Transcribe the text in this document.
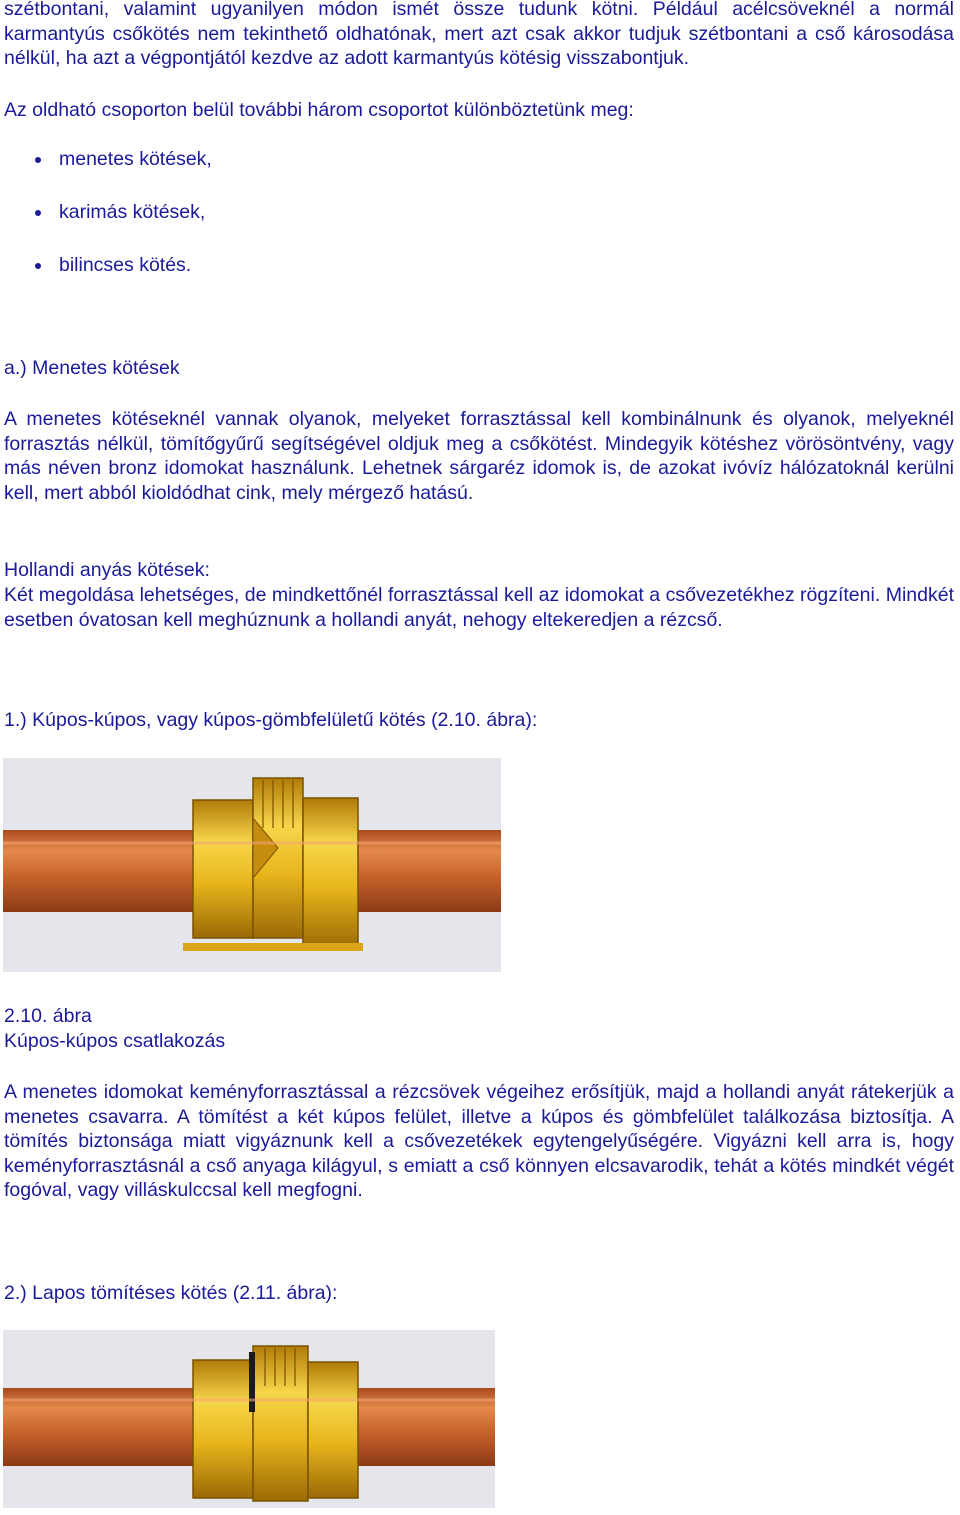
szétbontani, valamint ugyanilyen módon ismét össze tudunk kötni. Például acélcsöveknél a normál karmantyús csőkötés nem tekinthető oldhatónak, mert azt csak akkor tudjuk szétbontani a cső károsodása nélkül, ha azt a végpontjától kezdve az adott karmantyús kötésig visszabontjuk.

Az oldható csoporton belül további három csoportot különböztetünk meg:

menetes kötések,
karimás kötések,
bilincses kötés.

a.) Menetes kötések

A menetes kötéseknél vannak olyanok, melyeket forrasztással kell kombinálnunk és olyanok, melyeknél forrasztás nélkül, tömítőgyűrű segítségével oldjuk meg a csőkötést. Mindegyik kötéshez vörösöntvény, vagy más néven bronz idomokat használunk. Lehetnek sárgaréz idomok is, de azokat ivóvíz hálózatoknál kerülni kell, mert abból kioldódhat cink, mely mérgező hatású.

Hollandi anyás kötések:

Két megoldása lehetséges, de mindkettőnél forrasztással kell az idomokat a csővezetékhez rögzíteni. Mindkét esetben óvatosan kell meghúznunk a hollandi anyát, nehogy eltekeredjen a rézcső.

1.) Kúpos-kúpos, vagy kúpos-gömbfelületű kötés (2.10. ábra):

2.10. ábra

Kúpos-kúpos csatlakozás

A menetes idomokat keményforrasztással a rézcsövek végeihez erősítjük, majd a hollandi anyát rátekerjük a menetes csavarra. A tömítést a két kúpos felület, illetve a kúpos és gömbfelület találkozása biztosítja. A tömítés biztonsága miatt vigyáznunk kell a csővezetékek egytengelyűségére. Vigyázni kell arra is, hogy keményforrasztásnál a cső anyaga kilágyul, s emiatt a cső könnyen elcsavarodik, tehát a kötés mindkét végét fogóval, vagy villáskulccsal kell megfogni.

2.) Lapos tömítéses kötés (2.11. ábra):
